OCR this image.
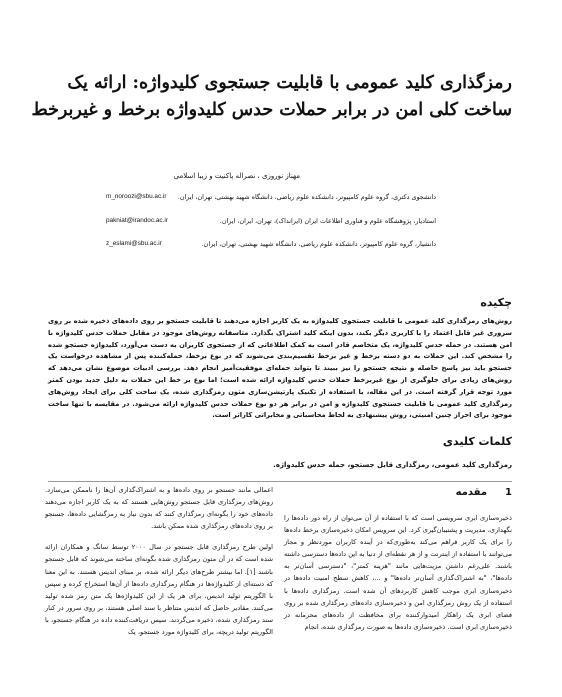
رمزگذاری کلید عمومی با قابلیت جستجوی کلیدواژه: ارائه یک ساخت کلی امن در برابر حملات حدس کلیدواژه برخط و غیربرخط
مهناز نوروزی ، نصراله پاکنیت و زیبا اسلامی
دانشجوی دکتری، گروه علوم کامپیوتر، دانشکده علوم ریاضی، دانشگاه شهید بهشتی، تهران، ایران.
m_noroozi@sbu.ac.ir
استادیار، پژوهشگاه علوم و فناوری اطلاعات ایران (ایرانداک)، تهران، ایران، ایران.
pakniat@irandoc.ac.ir
دانشیار، گروه علوم کامپیوتر، دانشکده علوم ریاضی، دانشگاه شهید بهشتی، تهران، ایران.
z_eslami@sbu.ac.ir
چکیده

روش‌های رمزگذاری کلید عمومی با قابلیت جستجوی کلیدواژه به یک کاربر اجازه می‌دهند تا قابلیت جستجو بر روی داده‌های ذخیره شده بر روی سروری غیر قابل اعتماد را با کاربری دیگر بکند، بدون اینکه کلید اشتراک بگذارد. متاسفانه روش‌های موجود در مقابل حملات حدس کلیدواژه نا امن هستند. در حمله حدس کلیدواژه، یک متخاصم قادر است به کمک اطلاعاتی که از جستجوی کاربران به دست می‌آورد، کلیدواژه جستجو شده را مشخص کند. این حملات به دو دسته برخط و غیر برخط تقسیم‌بندی می‌شوند که در نوع برخط، حمله‌کننده پس از مشاهده درخواست یک جستجو باید نیز پاسخ حاصله و نتیجه جستجو را نیز ببیند تا بتواند حمله‌ای موفقیت‌آمیز انجام دهد. بررسی ادبیات موضوع نشان می‌دهد که روش‌های زیادی برای جلوگیری از نوع غیربرخط حملات حدس کلیدواژه ارائه شده است؛ اما نوع بر خط این حملات به دلیل جدید بودن کمتر مورد توجه قرار گرفته است. در این مقاله، با استفاده از تکنیک پارتیشن‌سازی متون رمزگذاری شده، یک ساخت کلی برای ایجاد روش‌های رمزگذاری کلید عمومی با قابلیت جستجوی کلیدواژه و امن در برابر هر دو نوع حملات حدس کلیدواژه ارائه می‌شود. در مقایسه با تنها ساخت موجود برای احراز چنین امنیتی، روش پیشنهادی به لحاظ محاسباتی و مخابراتی کاراتر است.

کلمات کلیدی

رمزگذاری کلید عمومی، رمزگذاری قابل جستجو، حمله حدس کلیدواژه.

1
مقدمه

ذخیره‌سازی ابری سرویسی است که با استفاده از آن می‌توان از راه دور داده‌ها را نگهداری، مدیریت و پشتیبان‌گیری کرد. این سرویس امکان ذخیره‌سازی برخط داده‌ها را برای یک کاربر فراهم می‌کند به‌طوری‌که در آینده کاربران موردنظر و مجاز می‌توانند با استفاده از اینترنت و از هر نقطه‌ای از دنیا به این داده‌ها دسترسی داشته باشند. علی‌رغم داشتن مزیت‌هایی مانند "هزینه کمتر"، "دسترسی آسان‌تر به داده‌ها"، "به اشتراک‌گذاری آسان‌تر داده‌ها" و ...، کاهش سطح امنیت داده‌ها در ذخیره‌سازی ابری موجب کاهش کاربردهای آن شده است. رمزگذاری داده‌ها با استفاده از یک روش رمزگذاری امن و ذخیره‌سازی داده‌های رمزگذاری شده بر روی فضای ابری یک راهکار امیدوارکننده برای محافظت از داده‌های محرمانه در ذخیره‌سازی ابری است. ذخیره‌سازی داده‌ها به صورت رمزگذاری شده، انجام

اعمالی مانند جستجو بر روی داده‌ها و به اشتراک‌گذاری آن‌ها را ناممکن می‌سازد. روش‌های رمزگذاری قابل جستجو روش‌هایی هستند که به یک کاربر اجازه می‌دهند داده‌های خود را بگونه‌ای رمزگذاری کنند که بدون نیاز به رمزگشایی داده‌ها، جستجو بر روی داده‌های رمزگذاری شده ممکن باشد.

اولین طرح رمزگذاری قابل جستجو در سال ۲۰۰۰ توسط سانگ و همکاران ارائه شده است که در آن متون رمزگذاری شده بگونه‌ای ساخته می‌شوند که قابل جستجو باشند [۱]. اما بیشتر طرح‌های دیگر ارائه شده، بر مبنای اندیس هستند. به این معنا که دسته‌ای از کلیدواژه‌ها در هنگام رمزگذاری داده‌ها از آن‌ها استخراج کرده و سپس با الگوریتم تولید اندیس، برای هر یک از این کلیدواژه‌ها یک متن رمز شده تولید می‌کنند. مقادیر حاصل که اندیس متناظر با سند اصلی هستند، بر روی سرور در کنار سند رمزگذاری شده، ذخیره می‌گردند. سپس دریافت‌کننده داده در هنگام جستجو، با الگوریتم تولید دریچه، برای کلیدواژه مورد جستجو، یک
